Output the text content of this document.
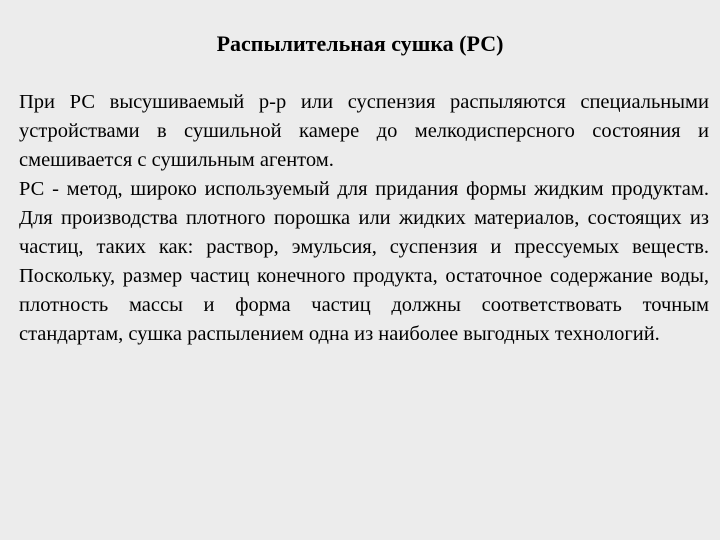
Распылительная сушка (РС)

При РС высушиваемый р-р или суспензия распыляются специальными устройствами в сушильной камере до мелкодисперсного состояния и смешивается с сушильным агентом.

РС - метод, широко используемый для придания формы жидким продуктам. Для производства плотного порошка или жидких материалов, состоящих из частиц, таких как: раствор, эмульсия, суспензия и прессуемых веществ. Поскольку, размер частиц конечного продукта, остаточное содержание воды, плотность массы и форма частиц должны соответствовать точным стандартам, сушка распылением одна из наиболее выгодных технологий.
